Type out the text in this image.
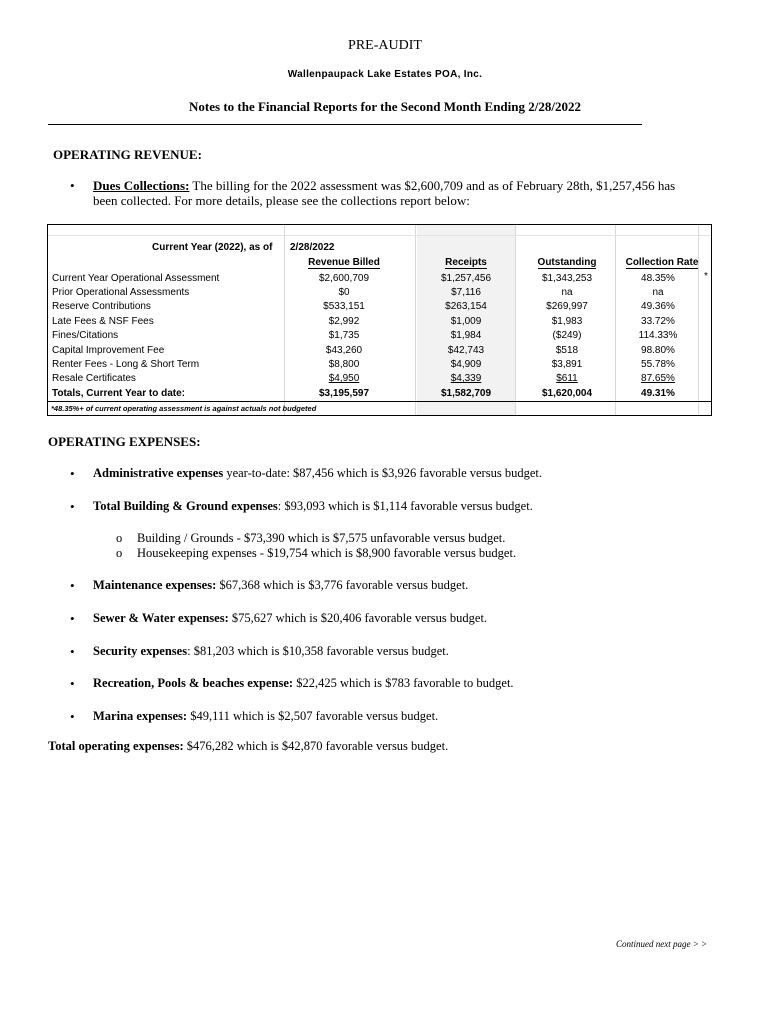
PRE-AUDIT
Wallenpaupack Lake Estates POA, Inc.
Notes to the Financial Reports for the Second Month Ending 2/28/2022
OPERATING REVENUE:
• Dues Collections: The billing for the 2022 assessment was $2,600,709 and as of February 28th, $1,257,456 has
been collected. For more details, please see the collections report below:
Current Year (2022), as of 2/28/2022
Revenue Billed	Receipts	Outstanding	Collection Rate
Current Year Operational Assessment	$2,600,709	$1,257,456	$1,343,253	48.35%	*
Prior Operational Assessments	$0	$7,116	na	na
Reserve Contributions	$533,151	$263,154	$269,997	49.36%
Late Fees & NSF Fees	$2,992	$1,009	$1,983	33.72%
Fines/Citations	$1,735	$1,984	($249)	114.33%
Capital Improvement Fee	$43,260	$42,743	$518	98.80%
Renter Fees - Long & Short Term	$8,800	$4,909	$3,891	55.78%
Resale Certificates	$4,950	$4,339	$611	87.65%
Totals, Current Year to date:	$3,195,597	$1,582,709	$1,620,004	49.31%
*48.35%+ of current operating assessment is against actuals not budgeted
OPERATING EXPENSES:
• Administrative expenses year-to-date: $87,456 which is $3,926 favorable versus budget.
• Total Building & Ground expenses: $93,093 which is $1,114 favorable versus budget.
o Building / Grounds - $73,390 which is $7,575 unfavorable versus budget.
o Housekeeping expenses - $19,754 which is $8,900 favorable versus budget.
• Maintenance expenses: $67,368 which is $3,776 favorable versus budget.
• Sewer & Water expenses: $75,627 which is $20,406 favorable versus budget.
• Security expenses: $81,203 which is $10,358 favorable versus budget.
• Recreation, Pools & beaches expense: $22,425 which is $783 favorable to budget.
• Marina expenses: $49,111 which is $2,507 favorable versus budget.
Total operating expenses: $476,282 which is $42,870 favorable versus budget.
Continued next page > >
